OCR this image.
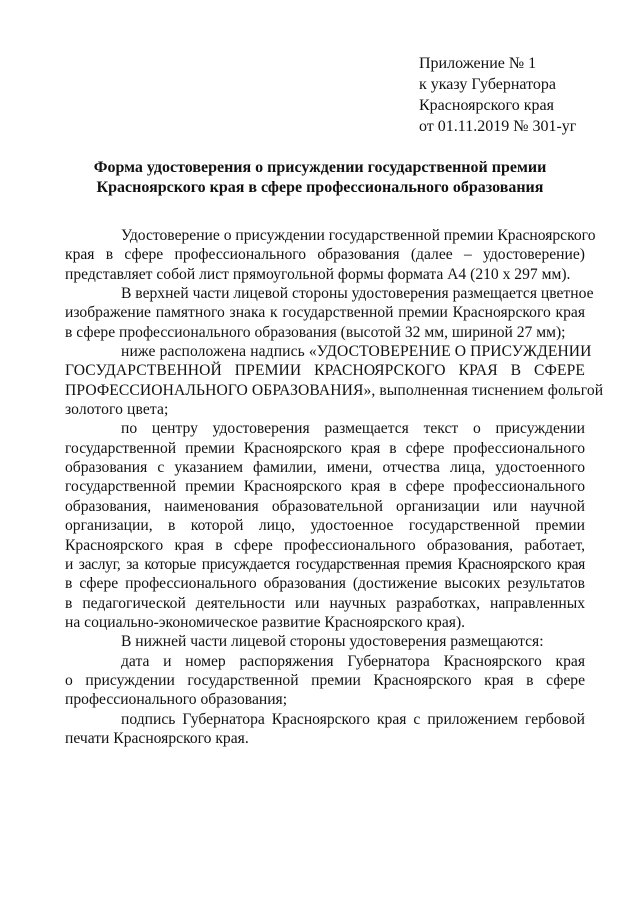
Приложение № 1
к указу Губернатора
Красноярского края
от 01.11.2019 № 301-уг
Форма удостоверения о присуждении государственной премии
Красноярского края в сфере профессионального образования

Удостоверение о присуждении государственной премии Красноярского
края в сфере профессионального образования (далее – удостоверение)
представляет собой лист прямоугольной формы формата А4 (210 х 297 мм).

В верхней части лицевой стороны удостоверения размещается цветное
изображение памятного знака к государственной премии Красноярского края
в сфере профессионального образования (высотой 32 мм, шириной 27 мм);

ниже расположена надпись «УДОСТОВЕРЕНИЕ О ПРИСУЖДЕНИИ
ГОСУДАРСТВЕННОЙ ПРЕМИИ КРАСНОЯРСКОГО КРАЯ В СФЕРЕ
ПРОФЕССИОНАЛЬНОГО ОБРАЗОВАНИЯ», выполненная тиснением фольгой
золотого цвета;

по центру удостоверения размещается текст о присуждении
государственной премии Красноярского края в сфере профессионального
образования с указанием фамилии, имени, отчества лица, удостоенного
государственной премии Красноярского края в сфере профессионального
образования, наименования образовательной организации или научной
организации, в которой лицо, удостоенное государственной премии
Красноярского края в сфере профессионального образования, работает,
и заслуг, за которые присуждается государственная премия Красноярского края
в сфере профессионального образования (достижение высоких результатов
в педагогической деятельности или научных разработках, направленных
на социально-экономическое развитие Красноярского края).

В нижней части лицевой стороны удостоверения размещаются:

дата и номер распоряжения Губернатора Красноярского края
о присуждении государственной премии Красноярского края в сфере
профессионального образования;

подпись Губернатора Красноярского края с приложением гербовой
печати Красноярского края.
